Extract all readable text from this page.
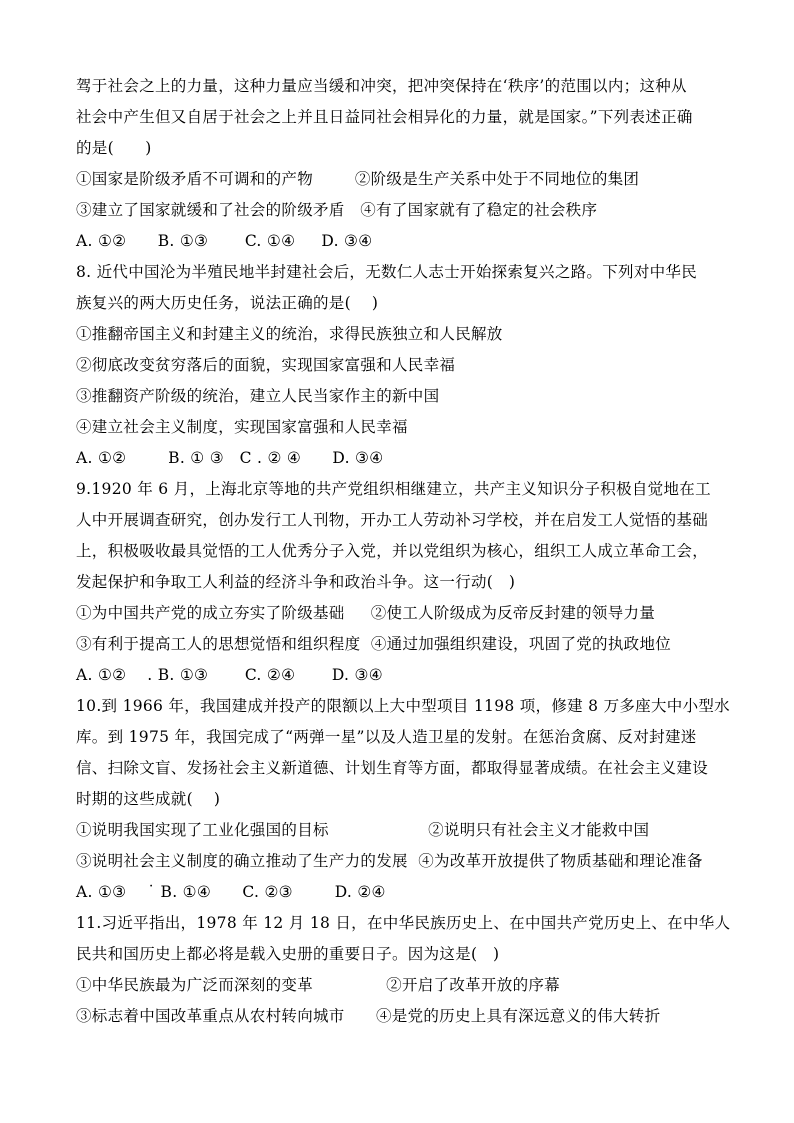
驾于社会之上的力量，这种力量应当缓和冲突，把冲突保持在‘秩序’的范围以内；这种从
社会中产生但又自居于社会之上并且日益同社会相异化的力量，就是国家。”下列表述正确
的是(      )
①国家是阶级矛盾不可调和的产物        ②阶级是生产关系中处于不同地位的集团
③建立了国家就缓和了社会的阶级矛盾   ④有了国家就有了稳定的社会秩序
A. ①②      B. ①③       C. ①④     D. ③④
8. 近代中国沦为半殖民地半封建社会后，无数仁人志士开始探索复兴之路。下列对中华民
族复兴的两大历史任务，说法正确的是(    )
①推翻帝国主义和封建主义的统治，求得民族独立和人民解放
②彻底改变贫穷落后的面貌，实现国家富强和人民幸福
③推翻资产阶级的统治，建立人民当家作主的新中国
④建立社会主义制度，实现国家富强和人民幸福
A. ①②        B. ① ③   C . ② ④      D. ③④
9.1920 年 6 月，上海北京等地的共产党组织相继建立，共产主义知识分子积极自觉地在工
人中开展调查研究，创办发行工人刊物，开办工人劳动补习学校，并在启发工人觉悟的基础
上，积极吸收最具觉悟的工人优秀分子入党，并以党组织为核心，组织工人成立革命工会，
发起保护和争取工人利益的经济斗争和政治斗争。这一行动(   )
①为中国共产党的成立夯实了阶级基础     ②使工人阶级成为反帝反封建的领导力量
③有利于提高工人的思想觉悟和组织程度  ④通过加强组织建设，巩固了党的执政地位
A. ①②    . B. ①③       C. ②④       D. ③④
10.到 1966 年，我国建成并投产的限额以上大中型项目 1198 项，修建 8 万多座大中小型水
库。到 1975 年，我国完成了“两弹一星”以及人造卫星的发射。在惩治贪腐、反对封建迷
信、扫除文盲、发扬社会主义新道德、计划生育等方面，都取得显著成绩。在社会主义建设
时期的这些成就(    )
①说明我国实现了工业化强国的目标                   ②说明只有社会主义才能救中国
③说明社会主义制度的确立推动了生产力的发展  ④为改革开放提供了物质基础和理论准备
A. ①③    ˙ B. ①④      C. ②③        D. ②④
11.习近平指出，1978 年 12 月 18 日，在中华民族历史上、在中国共产党历史上、在中华人
民共和国历史上都必将是载入史册的重要日子。因为这是(   )
①中华民族最为广泛而深刻的变革              ②开启了改革开放的序幕
③标志着中国改革重点从农村转向城市      ④是党的历史上具有深远意义的伟大转折
